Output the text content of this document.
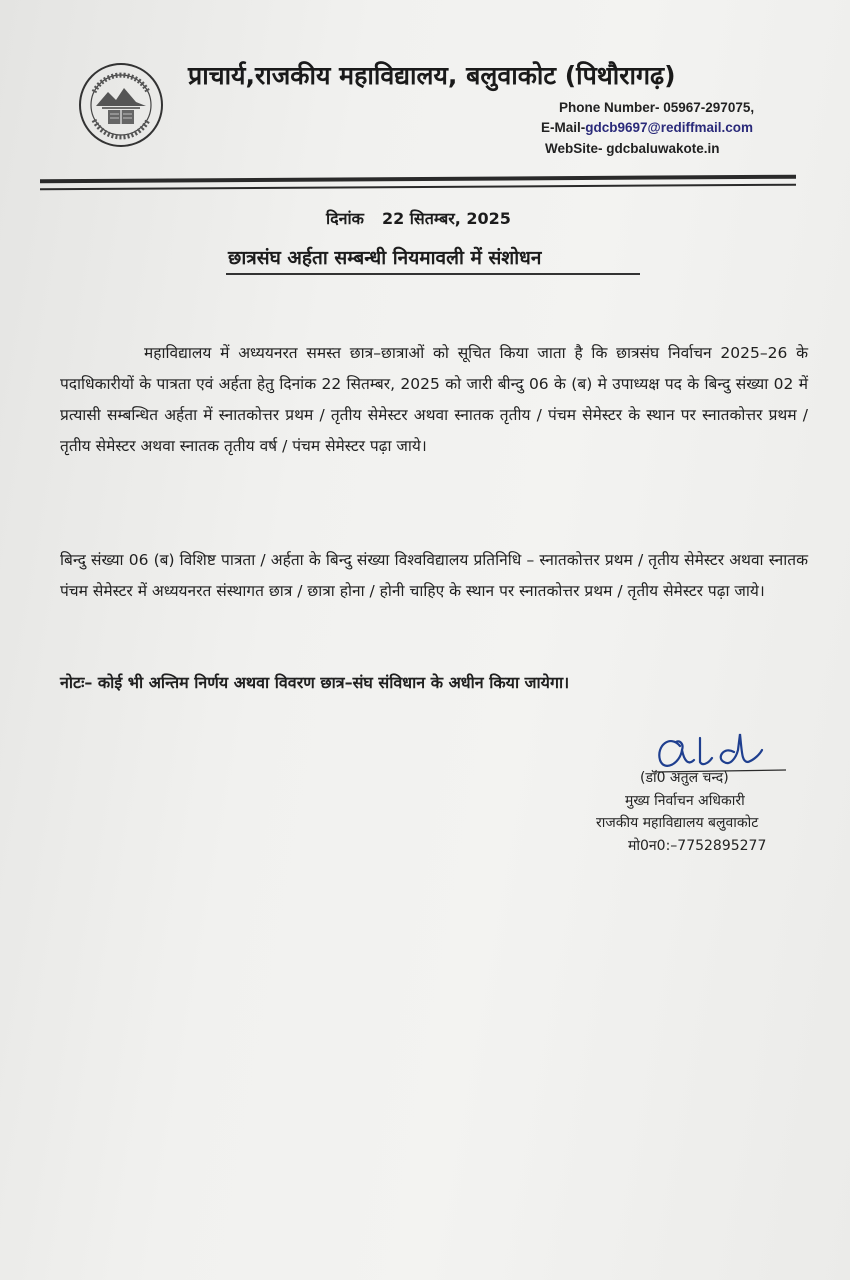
प्राचार्य,राजकीय महाविद्यालय, बलुवाकोट (पिथौरागढ़)
Phone Number- 05967-297075,
E-Mail-gdcb9697@rediffmail.com
WebSite- gdcbaluwakote.in
दिनांक 22 सितम्बर, 2025
छात्रसंघ अर्हता सम्बन्धी नियमावली में संशोधन
महाविद्यालय में अध्ययनरत समस्त छात्र–छात्राओं को सूचित किया जाता है कि छात्रसंघ निर्वाचन 2025–26 के पदाधिकारीयों के पात्रता एवं अर्हता हेतु दिनांक 22 सितम्बर, 2025 को जारी बीन्दु 06 के (ब) मे उपाध्यक्ष पद के बिन्दु संख्या 02 में प्रत्यासी सम्बन्धित अर्हता में स्नातकोत्तर प्रथम / तृतीय सेमेस्टर अथवा स्नातक तृतीय / पंचम सेमेस्टर के स्थान पर स्नातकोत्तर प्रथम / तृतीय सेमेस्टर अथवा स्नातक तृतीय वर्ष / पंचम सेमेस्टर पढ़ा जाये।
बिन्दु संख्या 06 (ब) विशिष्ट पात्रता / अर्हता के बिन्दु संख्या विश्वविद्यालय प्रतिनिधि – स्नातकोत्तर प्रथम / तृतीय सेमेस्टर अथवा स्नातक पंचम सेमेस्टर में अध्ययनरत संस्थागत छात्र / छात्रा होना / होनी चाहिए के स्थान पर स्नातकोत्तर प्रथम / तृतीय सेमेस्टर पढ़ा जाये।
नोटः– कोई भी अन्तिम निर्णय अथवा विवरण छात्र–संघ संविधान के अधीन किया जायेगा।
(डॉ0 अतुल चन्द)
मुख्य निर्वाचन अधिकारी
राजकीय महाविद्यालय बलुवाकोट
मो0न0:–7752895277
